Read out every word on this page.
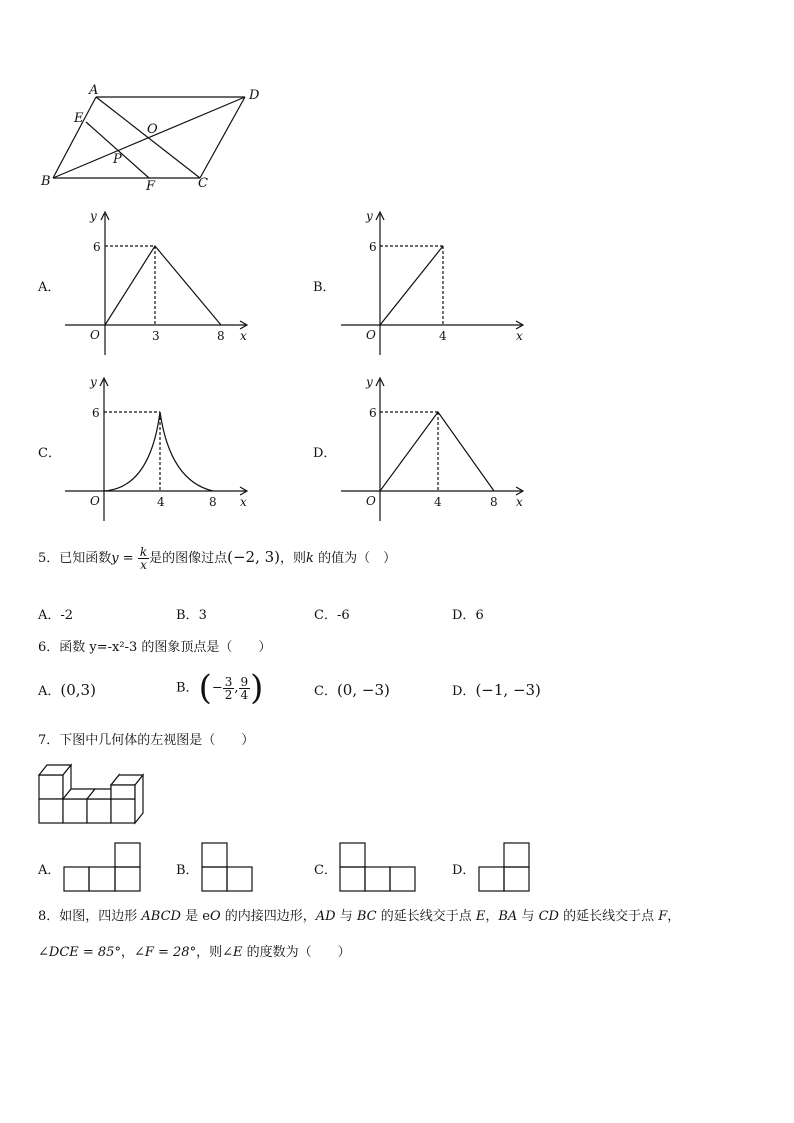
A	D
E
O
P
B	F	C
A．
y
6
O	3	8 x
B．
y
6
O	4	x
C．
y
6
O	4	8 x
D．
y
6
O	4	8 x
5．已知函数$y = \frac{k}{x}$ 是的图像过点(−2, 3)，则k 的值为（　）
A．-2	B．3	C．-6	D．6
6．函数 y=-x²-3 的图象顶点是（　　）
A．(0,3)	B．(− $\frac{3}{2}$ , $\frac{9}{4}$ )	C．(0, −3)	D．(−1, −3)
7．下图中几何体的左视图是（　　）
A．	B．	C．	D．
8．如图，四边形 ABCD 是 eO 的内接四边形，AD 与 BC 的延长线交于点 E，BA 与 CD 的延长线交于点 F，
∠DCE = 85°，∠F = 28°，则∠E 的度数为（　　）
